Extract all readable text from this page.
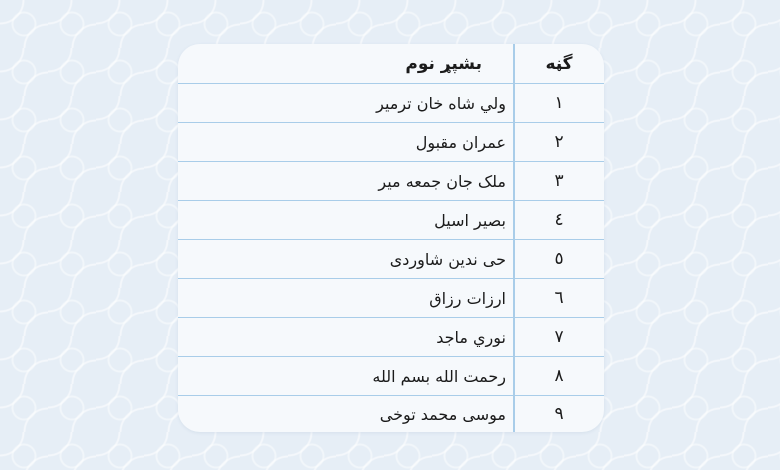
گڼه
بشپړ نوم
١
ولي شاه خان ترمیر
٢
عمران مقبول
٣
ملک جان جمعه میر
٤
بصیر اسیل
٥
حی ندین شاوردی
٦
ارزات رزاق
٧
نوري ماجد
٨
رحمت الله بسم الله
٩
موسی محمد توخی
